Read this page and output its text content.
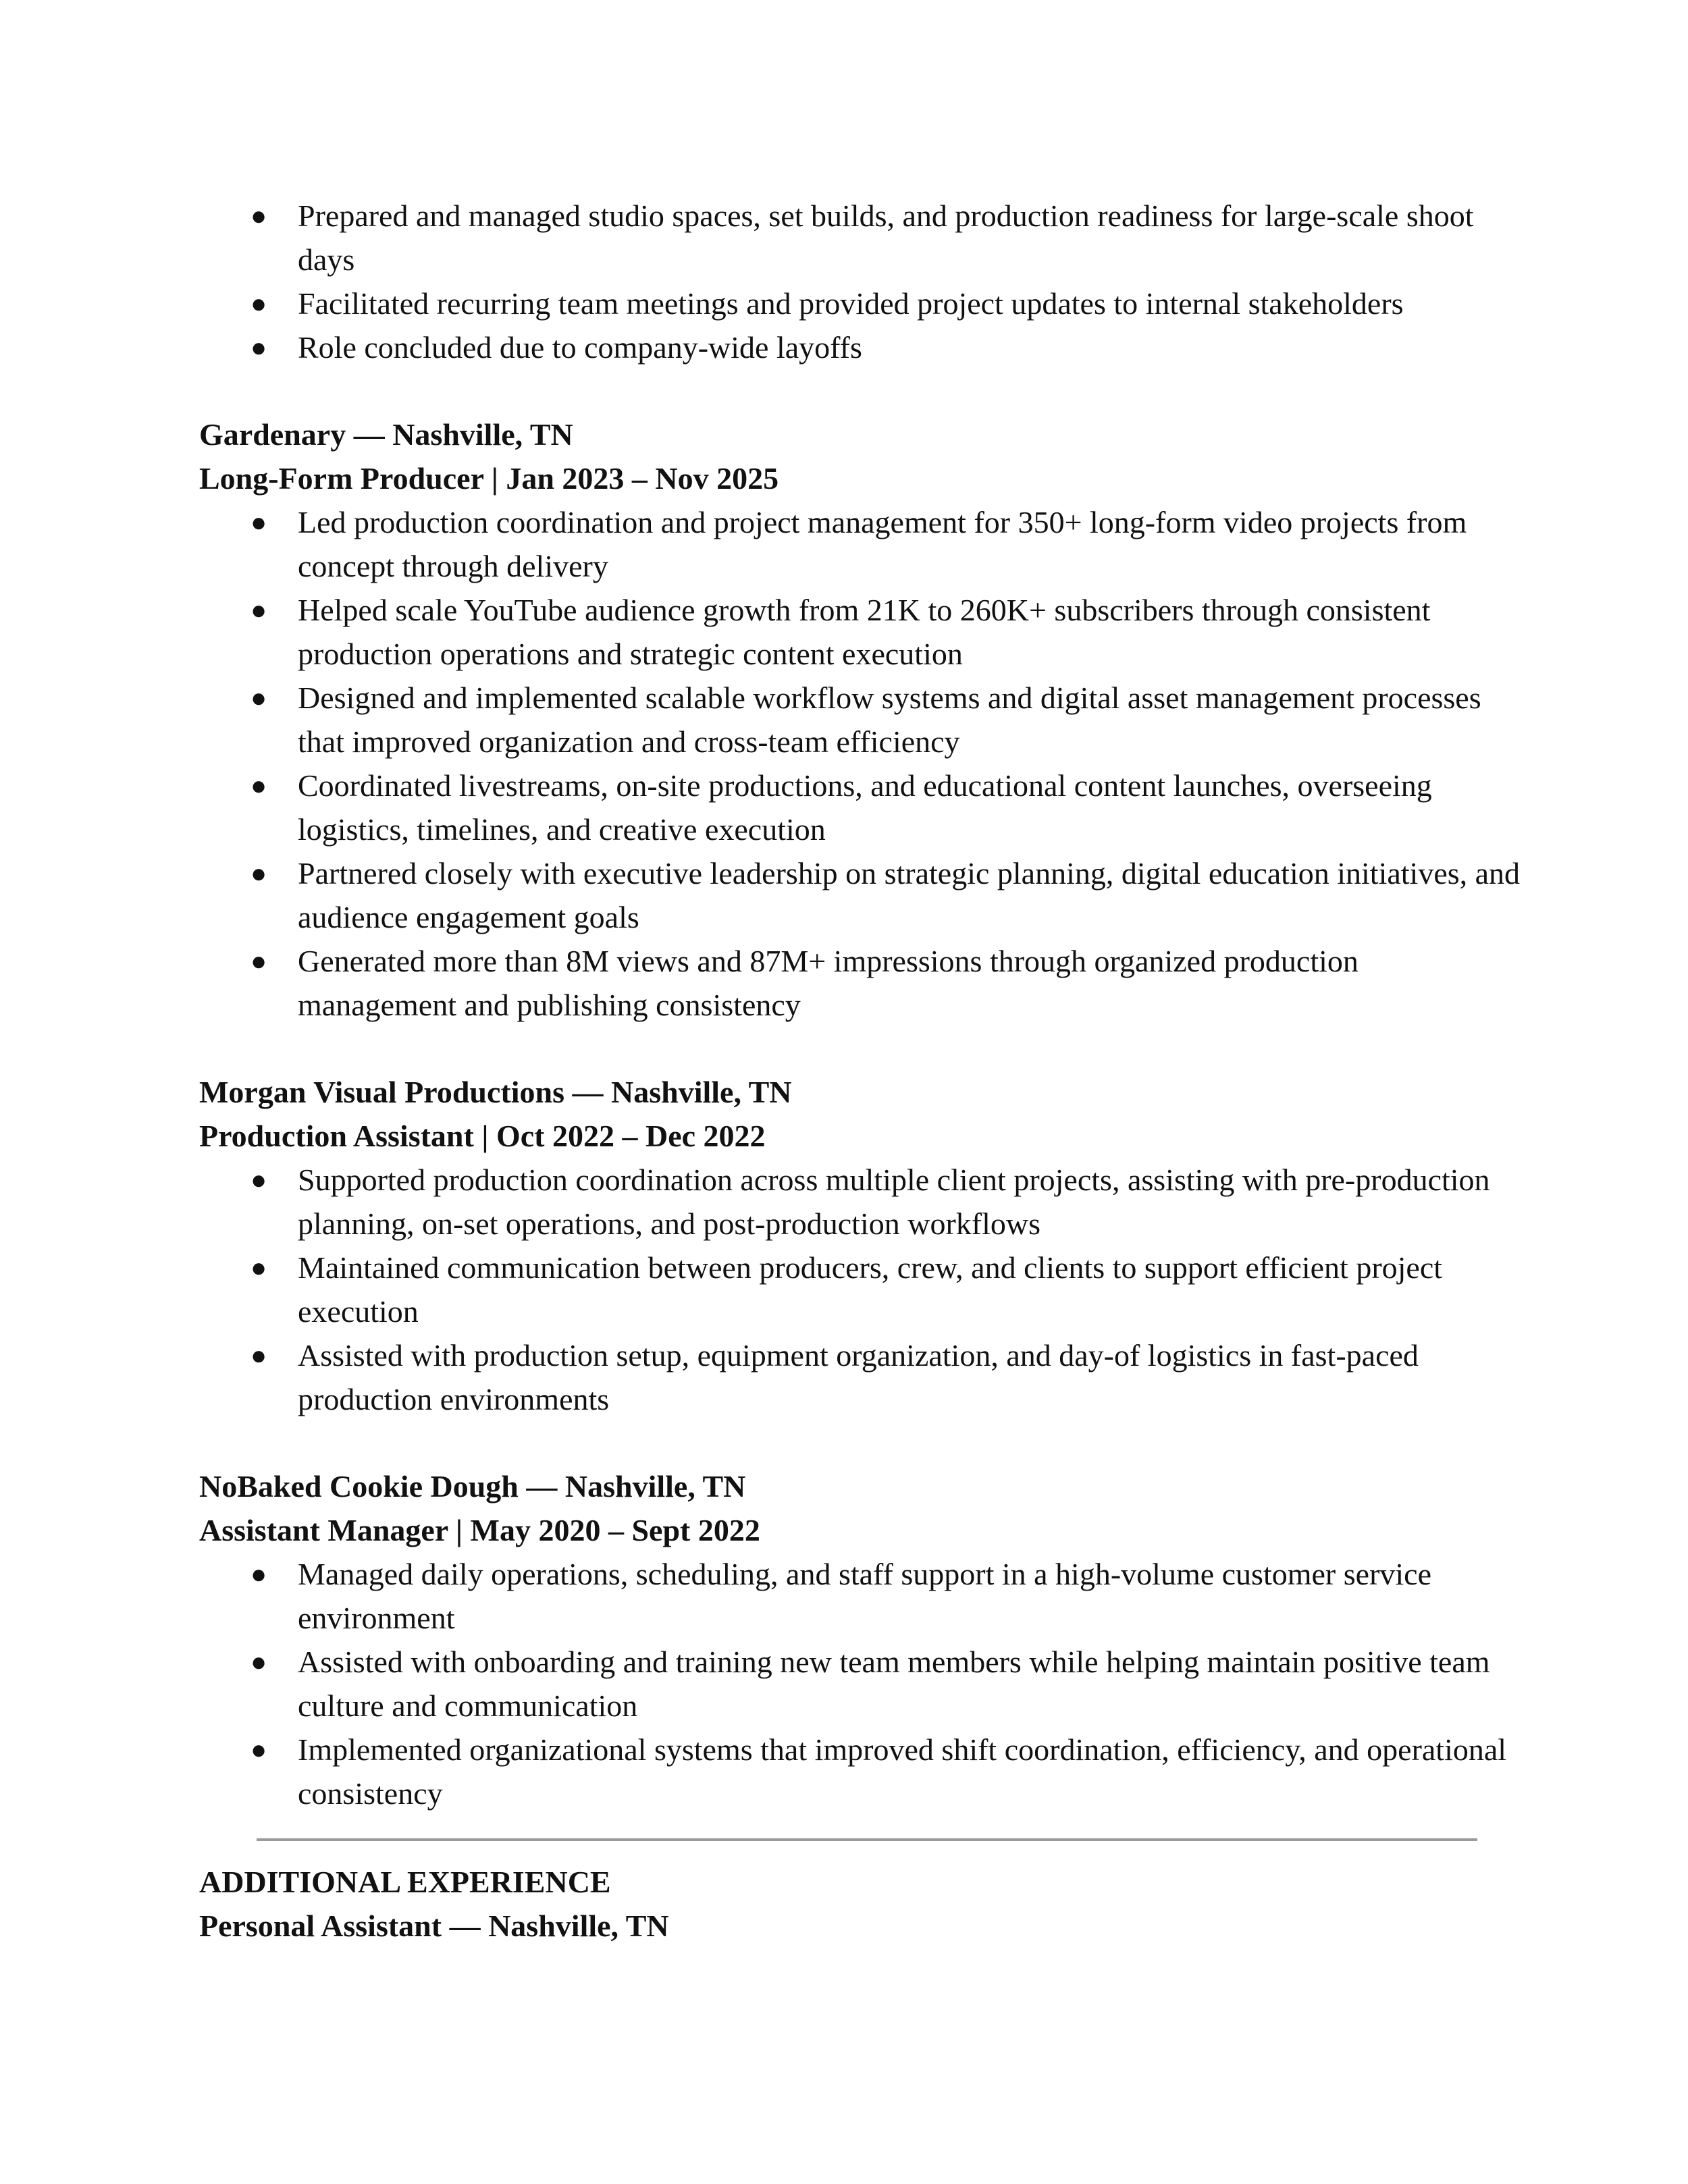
● Prepared and managed studio spaces, set builds, and production readiness for large-scale shoot days
● Facilitated recurring team meetings and provided project updates to internal stakeholders
● Role concluded due to company-wide layoffs
Gardenary — Nashville, TN
Long-Form Producer | Jan 2023 – Nov 2025
● Led production coordination and project management for 350+ long-form video projects from concept through delivery
● Helped scale YouTube audience growth from 21K to 260K+ subscribers through consistent production operations and strategic content execution
● Designed and implemented scalable workflow systems and digital asset management processes that improved organization and cross-team efficiency
● Coordinated livestreams, on-site productions, and educational content launches, overseeing logistics, timelines, and creative execution
● Partnered closely with executive leadership on strategic planning, digital education initiatives, and audience engagement goals
● Generated more than 8M views and 87M+ impressions through organized production management and publishing consistency
Morgan Visual Productions — Nashville, TN
Production Assistant | Oct 2022 – Dec 2022
● Supported production coordination across multiple client projects, assisting with pre-production planning, on-set operations, and post-production workflows
● Maintained communication between producers, crew, and clients to support efficient project execution
● Assisted with production setup, equipment organization, and day-of logistics in fast-paced production environments
NoBaked Cookie Dough — Nashville, TN
Assistant Manager | May 2020 – Sept 2022
● Managed daily operations, scheduling, and staff support in a high-volume customer service environment
● Assisted with onboarding and training new team members while helping maintain positive team culture and communication
● Implemented organizational systems that improved shift coordination, efficiency, and operational consistency
ADDITIONAL EXPERIENCE
Personal Assistant — Nashville, TN
